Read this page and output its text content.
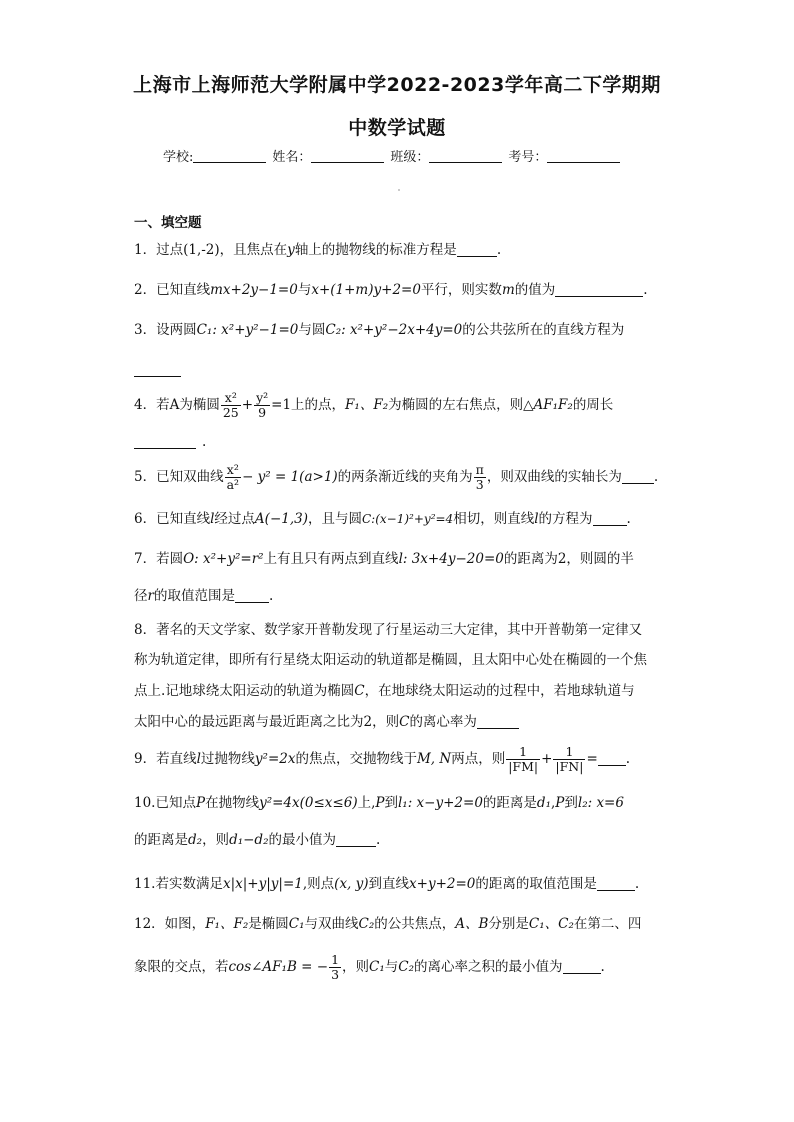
上海市上海师范大学附属中学2022-2023学年高二下学期期
中数学试题
学校:	姓名：	班级：	考号：
一、填空题
1．过点(1,-2)，且焦点在y轴上的抛物线的标准方程是	.
2．已知直线mx+2y−1=0与x+(1+m)y+2=0平行，则实数m的值为	.
3．设两圆C₁: x²+y²−1=0与圆C₂: x²+y²−2x+4y=0的公共弦所在的直线方程为
4．若A为椭圆 $\frac{\text{x²}}{25} + \frac{\text{y²}}{9} =1$上的点，F₁、F₂为椭圆的左右焦点，则△AF₁F₂的周长
.
5．已知双曲线 $\frac{\text{x²}}{\text{a²}} - y^2 = 1(a>1)$的两条渐近线的夹角为 $\frac{\pi}{3}$ ，则双曲线的实轴长为 .
6．已知直线l经过点A(−1,3)，且与圆C:(x−1)²+y²=4相切，则直线l的方程为	.
7．若圆O: x²+y²=r²上有且只有两点到直线l: 3x+4y−20=0的距离为2，则圆的半
径r的取值范围是	.
8．著名的天文学家、数学家开普勒发现了行星运动三大定律，其中开普勒第一定律又
称为轨道定律，即所有行星绕太阳运动的轨道都是椭圆，且太阳中心处在椭圆的一个焦
点上.记地球绕太阳运动的轨道为椭圆C，在地球绕太阳运动的过程中，若地球轨道与
太阳中心的最远距离与最近距离之比为2，则C的离心率为
9．若直线l过抛物线y²=2x的焦点，交抛物线于M, N两点，则 $\frac{1}{|FM|} + \frac{1}{|FN|}$ = .
10.已知点P在抛物线y²=4x(0≤x≤6)上,P到l₁: x−y+2=0的距离是d₁,P到l₂: x=6
的距离是d₂，则d₁−d₂的最小值为	.
11.若实数满足x|x|+y|y|=1,则点(x, y)到直线x+y+2=0的距离的取值范围是	.
12．如图，F₁、F₂是椭圆C₁与双曲线C₂的公共焦点，A、B分别是C₁、C₂在第二、四
象限的交点，若cos∠AF₁B = − $\frac{1}{3}$ ，则C₁与C₂的离心率之积的最小值为	.
